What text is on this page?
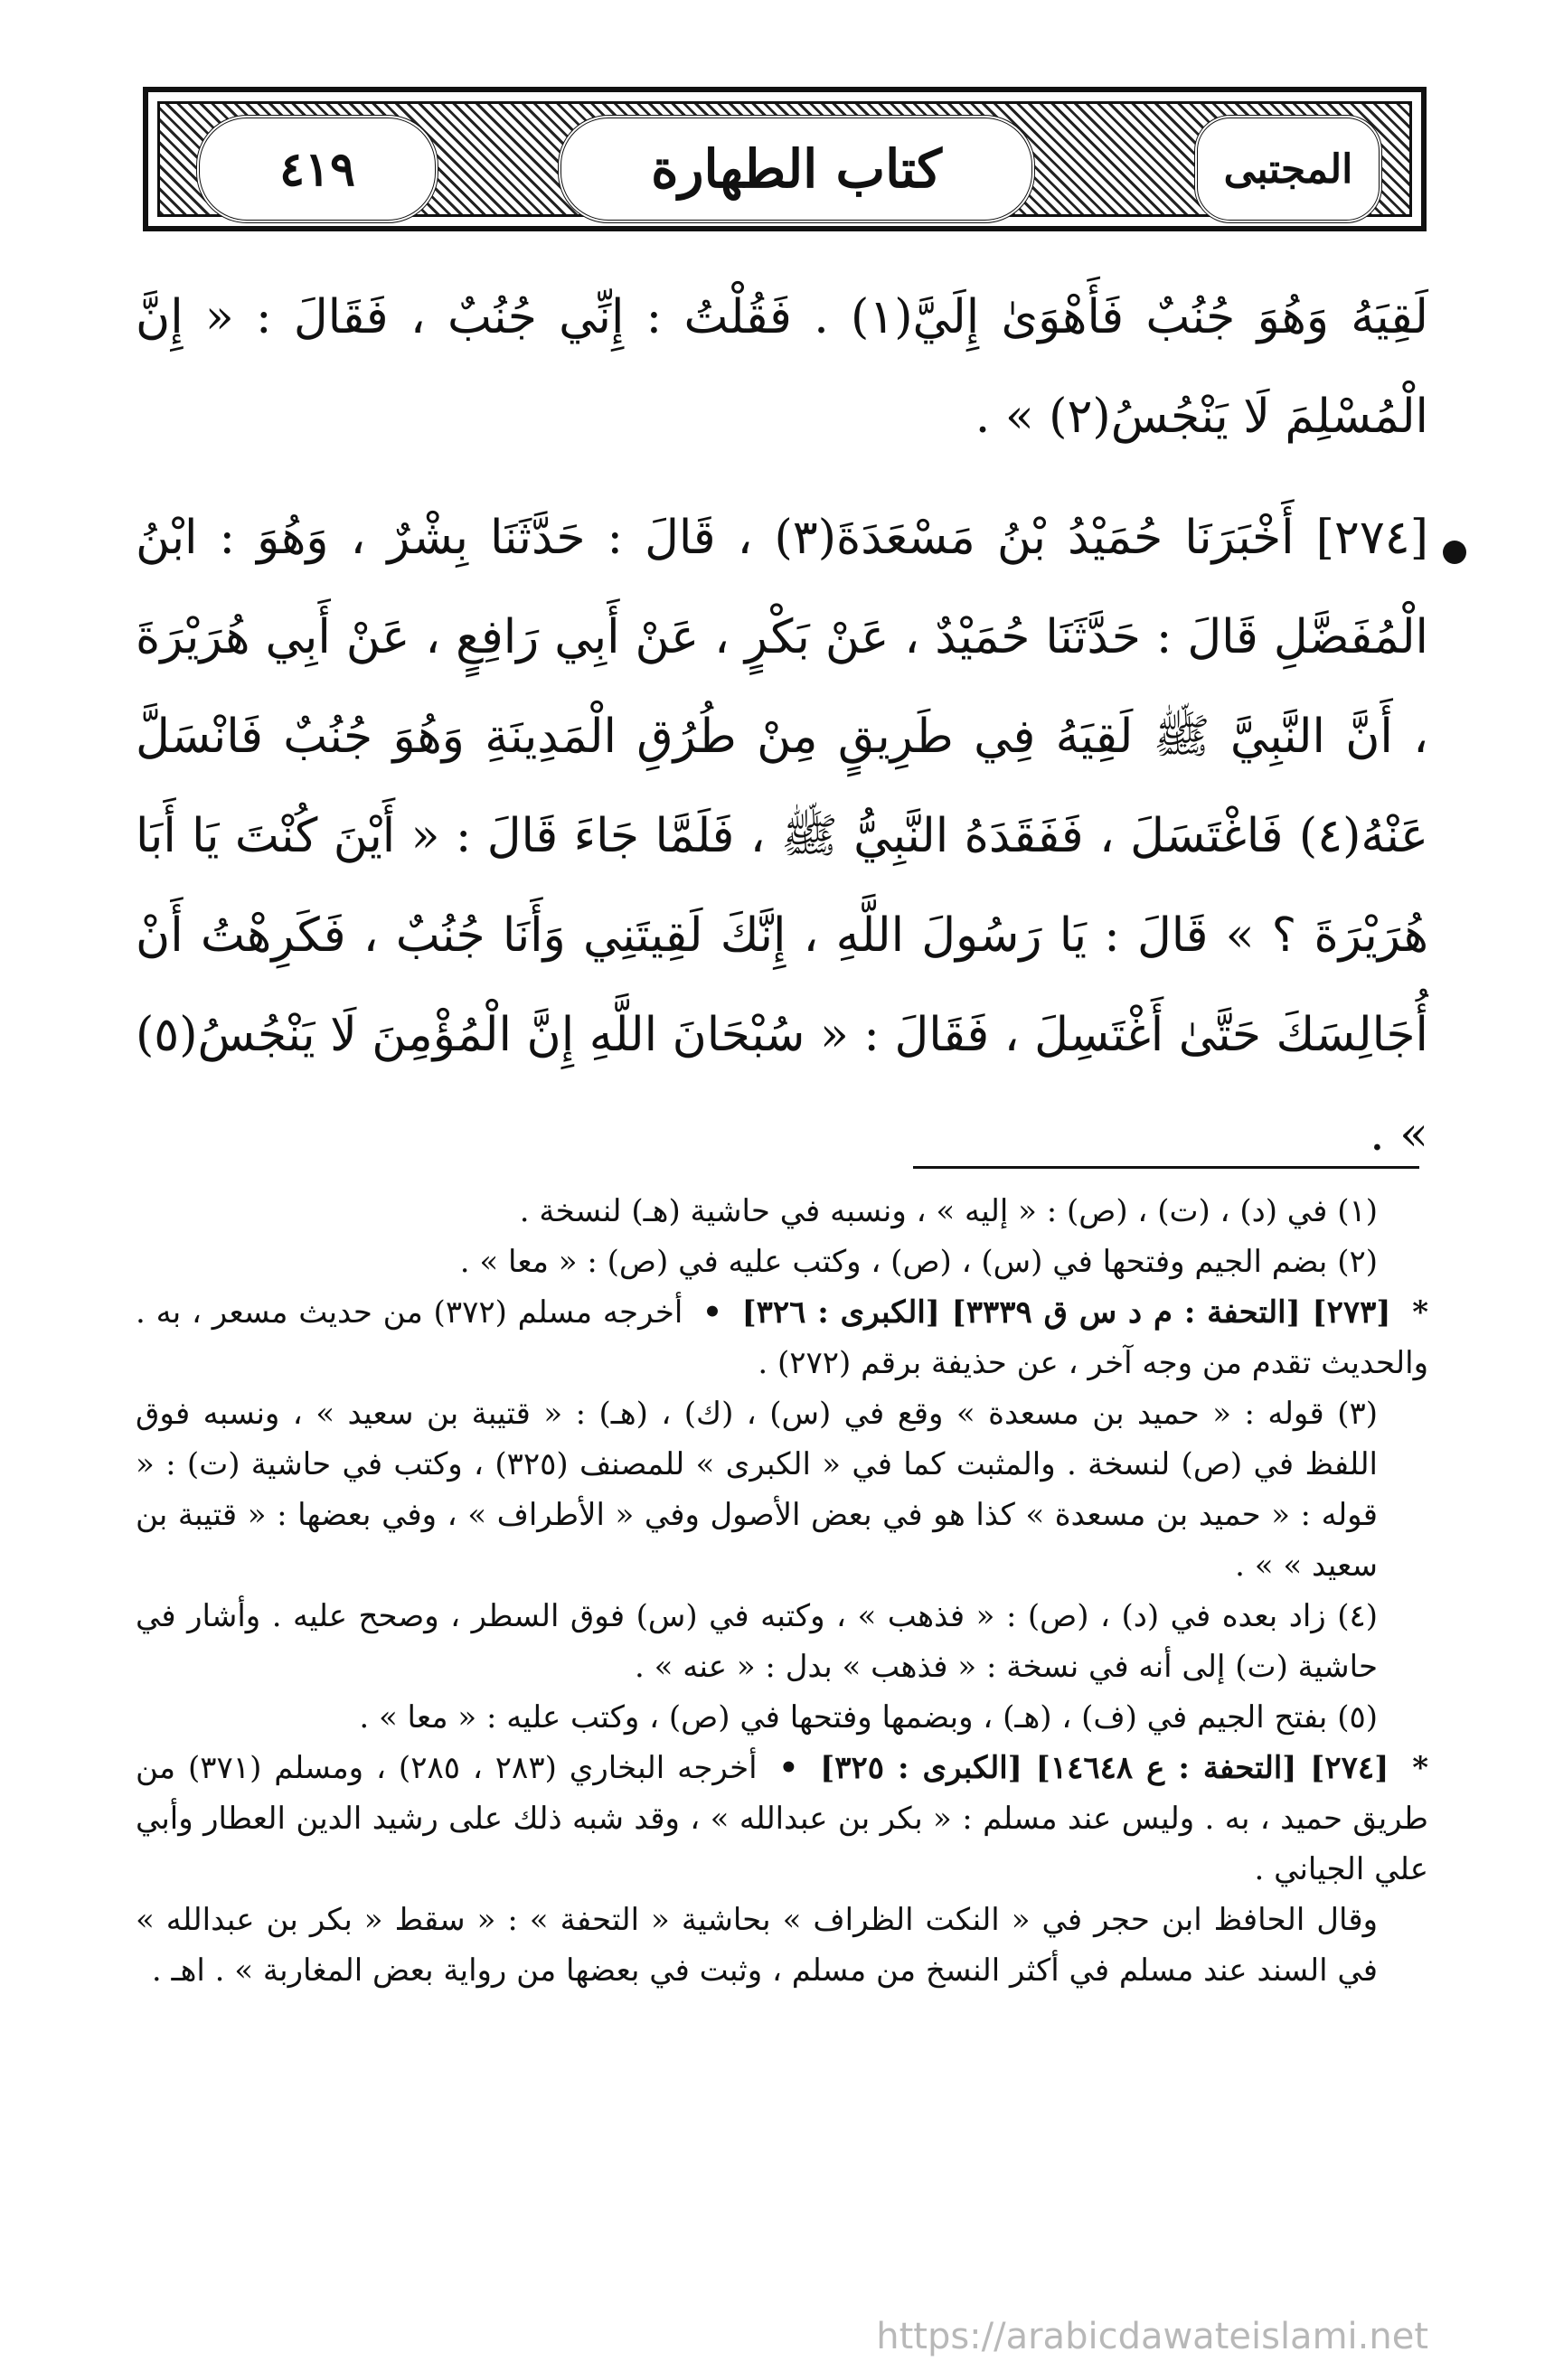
٤١٩	كتاب الطهارة	المجتبى
لَقِيَهُ وَهُوَ جُنُبٌ فَأَهْوَىٰ إِلَيَّ(١) . فَقُلْتُ : إِنِّي جُنُبٌ ، فَقَالَ : « إِنَّ الْمُسْلِمَ لَا يَنْجُسُ(٢) » .
[٢٧٤] أَخْبَرَنَا حُمَيْدُ بْنُ مَسْعَدَةَ(٣) ، قَالَ : حَدَّثَنَا بِشْرٌ ، وَهُوَ : ابْنُ الْمُفَضَّلِ قَالَ : حَدَّثَنَا حُمَيْدٌ ، عَنْ بَكْرٍ ، عَنْ أَبِي رَافِعٍ ، عَنْ أَبِي هُرَيْرَةَ ، أَنَّ النَّبِيَّ ﷺ لَقِيَهُ فِي طَرِيقٍ مِنْ طُرُقِ الْمَدِينَةِ وَهُوَ جُنُبٌ فَانْسَلَّ عَنْهُ(٤) فَاغْتَسَلَ ، فَفَقَدَهُ النَّبِيُّ ﷺ ، فَلَمَّا جَاءَ قَالَ : « أَيْنَ كُنْتَ يَا أَبَا هُرَيْرَةَ ؟ » قَالَ : يَا رَسُولَ اللَّهِ ، إِنَّكَ لَقِيتَنِي وَأَنَا جُنُبٌ ، فَكَرِهْتُ أَنْ أُجَالِسَكَ حَتَّىٰ أَغْتَسِلَ ، فَقَالَ : « سُبْحَانَ اللَّهِ إِنَّ الْمُؤْمِنَ لَا يَنْجُسُ(٥) » .

(١) في (د) ، (ت) ، (ص) : « إليه » ، ونسبه في حاشية (هـ) لنسخة .

(٢) بضم الجيم وفتحها في (س) ، (ص) ، وكتب عليه في (ص) : « معا » .

* [٢٧٣] [التحفة : م د س ق ٣٣٣٩] [الكبرى : ٣٢٦] • أخرجه مسلم (٣٧٢) من حديث مسعر ، به . والحديث تقدم من وجه آخر ، عن حذيفة برقم (٢٧٢) .

(٣) قوله : « حميد بن مسعدة » وقع في (س) ، (ك) ، (هـ) : « قتيبة بن سعيد » ، ونسبه فوق اللفظ في (ص) لنسخة . والمثبت كما في « الكبرى » للمصنف (٣٢٥) ، وكتب في حاشية (ت) : « قوله : « حميد بن مسعدة » كذا هو في بعض الأصول وفي « الأطراف » ، وفي بعضها : « قتيبة بن سعيد » » .

(٤) زاد بعده في (د) ، (ص) : « فذهب » ، وكتبه في (س) فوق السطر ، وصحح عليه . وأشار في حاشية (ت) إلى أنه في نسخة : « فذهب » بدل : « عنه » .

(٥) بفتح الجيم في (ف) ، (هـ) ، وبضمها وفتحها في (ص) ، وكتب عليه : « معا » .

* [٢٧٤] [التحفة : ع ١٤٦٤٨] [الكبرى : ٣٢٥] • أخرجه البخاري (٢٨٣ ، ٢٨٥) ، ومسلم (٣٧١) من طريق حميد ، به . وليس عند مسلم : « بكر بن عبدالله » ، وقد شبه ذلك على رشيد الدين العطار وأبي علي الجياني .

وقال الحافظ ابن حجر في « النكت الظراف » بحاشية « التحفة » : « سقط « بكر بن عبدالله » في السند عند مسلم في أكثر النسخ من مسلم ، وثبت في بعضها من رواية بعض المغاربة » . اهـ .

https://arabicdawateislami.net
